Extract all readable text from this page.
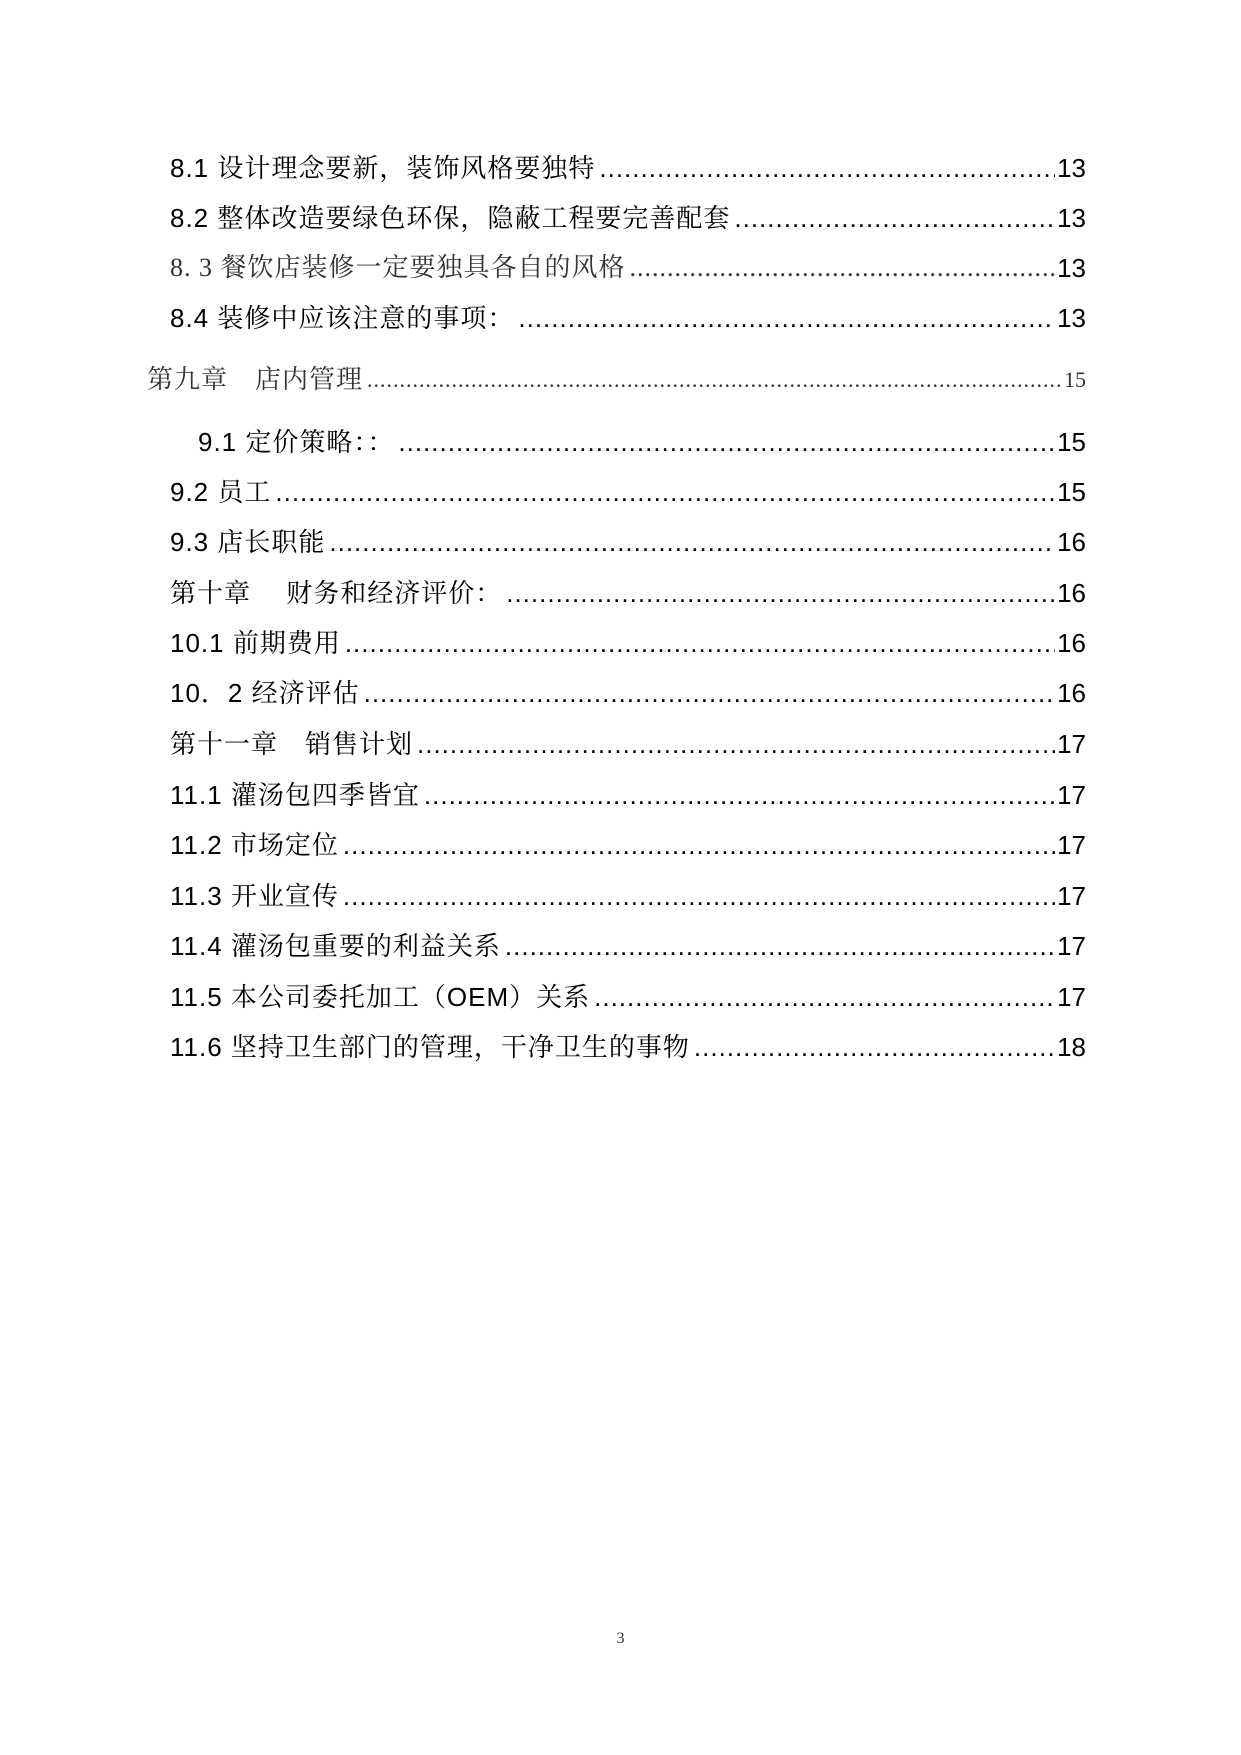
8.1 设计理念要新，装饰风格要独特 .....	13
8.2 整体改造要绿色环保，隐蔽工程要完善配套 .....	13
8. 3 餐饮店装修一定要独具各自的风格 .....	13
8.4 装修中应该注意的事项： .....	13
第九章　店内管理 .....	15
9.1 定价策略：： .....	15
9.2 员工 .....	15
9.3 店长职能 .....	16
第十章　 财务和经济评价： .....	16
10.1 前期费用 .....	16
10．2 经济评估 .....	16
第十一章　销售计划 .....	17
11.1 灌汤包四季皆宜 .....	17
11.2 市场定位 .....	17
11.3 开业宣传 .....	17
11.4 灌汤包重要的利益关系 .....	17
11.5 本公司委托加工（OEM）关系 .....	17
11.6 坚持卫生部门的管理，干净卫生的事物 .....	18
3
